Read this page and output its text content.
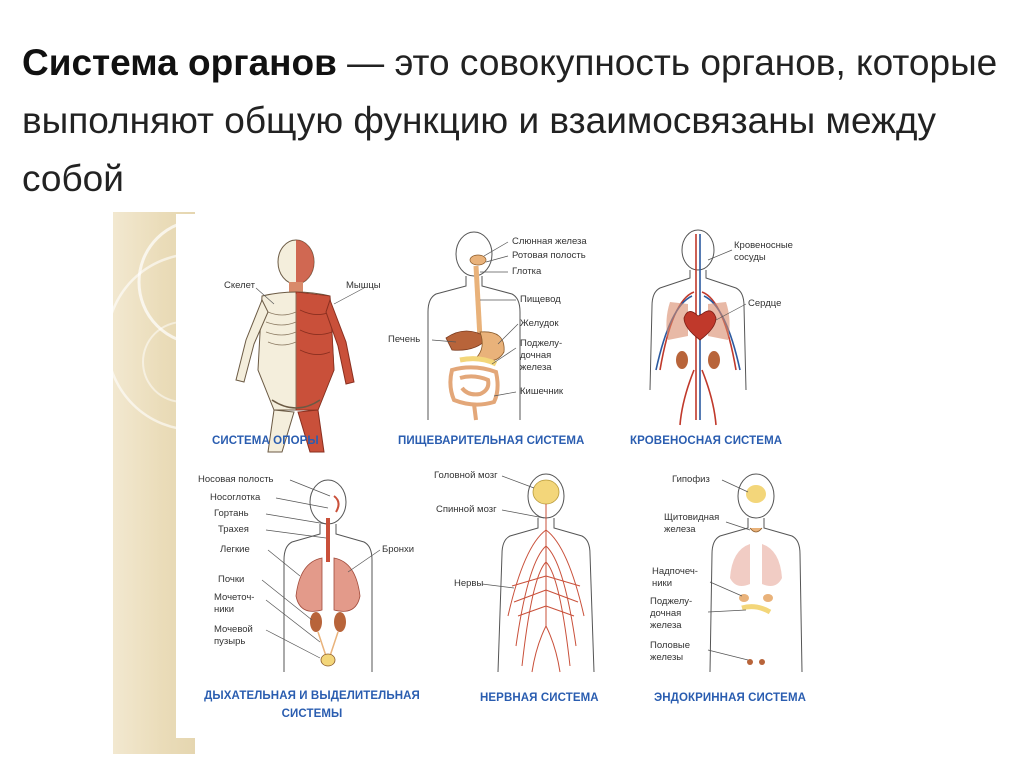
Система органов — это совокупность органов, которые выполняют общую функцию и взаимосвязаны между собой
Скелет	Мышцы
СИСТЕМА ОПОРЫ
Слюнная железа
Ротовая полость
Глотка
Пищевод
Печень
Желудок
Поджелу-
дочная
железа
Кишечник
ПИЩЕВАРИТЕЛЬНАЯ СИСТЕМА
Кровеносные
сосуды
Сердце
КРОВЕНОСНАЯ СИСТЕМА
Носовая полость
Носоглотка
Гортань
Трахея
Легкие	Бронхи
Почки
Мочеточ-
ники
Мочевой
пузырь
ДЫХАТЕЛЬНАЯ И ВЫДЕЛИТЕЛЬНАЯ
СИСТЕМЫ
Головной мозг
Спинной мозг
Нервы
НЕРВНАЯ СИСТЕМА
Гипофиз
Щитовидная
железа
Надпочеч-
ники
Поджелу-
дочная
железа
Половые
железы
ЭНДОКРИННАЯ СИСТЕМА
